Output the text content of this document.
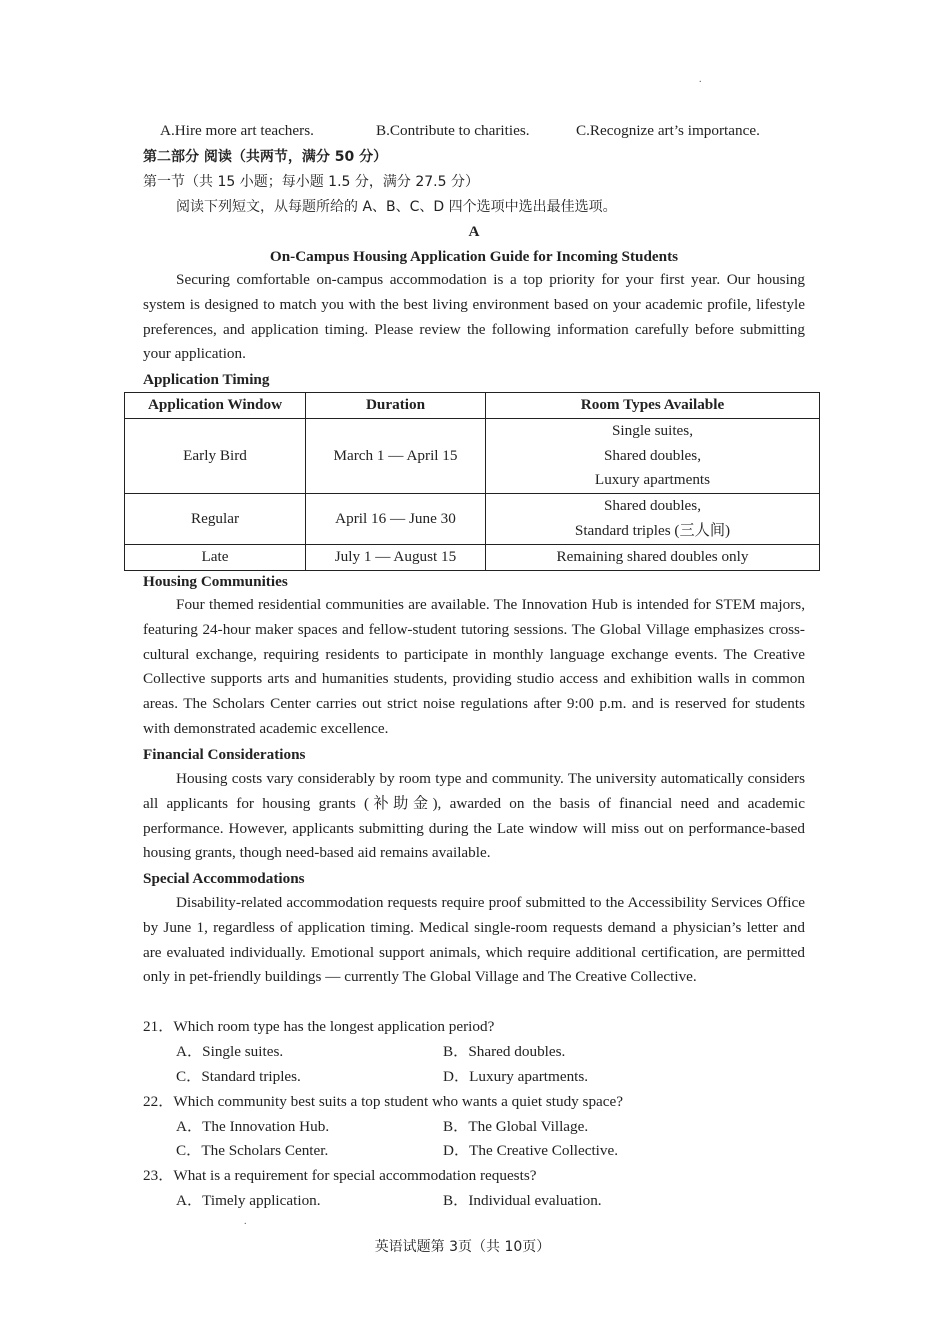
.
A.Hire more art teachers.	B.Contribute to charities.	C.Recognize art’s importance.
第二部分 阅读（共两节，满分 50 分）
第一节（共 15 小题；每小题 1.5 分，满分 27.5 分）
阅读下列短文，从每题所给的 A、B、C、D 四个选项中选出最佳选项。
A
On-Campus Housing Application Guide for Incoming Students
Securing comfortable on-campus accommodation is a top priority for your first year. Our housing system is designed to match you with the best living environment based on your academic profile, lifestyle preferences, and application timing. Please review the following information carefully before submitting your application.
Application Timing
Application Window	Duration	Room Types Available
Early Bird	March 1 — April 15	Single suites,
Shared doubles,
Luxury apartments

Regular	April 16 — June 30	Shared doubles,
Standard triples (三人间)

Late	July 1 — August 15	Remaining shared doubles only
Housing Communities
Four themed residential communities are available. The Innovation Hub is intended for STEM majors, featuring 24-hour maker spaces and fellow-student tutoring sessions. The Global Village emphasizes cross-cultural exchange, requiring residents to participate in monthly language exchange events. The Creative Collective supports arts and humanities students, providing studio access and exhibition walls in common areas. The Scholars Center carries out strict noise regulations after 9:00 p.m. and is reserved for students with demonstrated academic excellence.
Financial Considerations
Housing costs vary considerably by room type and community. The university automatically considers all applicants for housing grants (补助金), awarded on the basis of financial need and academic performance. However, applicants submitting during the Late window will miss out on performance-based housing grants, though need-based aid remains available.
Special Accommodations
Disability-related accommodation requests require proof submitted to the Accessibility Services Office by June 1, regardless of application timing. Medical single-room requests demand a physician’s letter and are evaluated individually. Emotional support animals, which require additional certification, are permitted only in pet-friendly buildings — currently The Global Village and The Creative Collective.
21．Which room type has the longest application period?
A．Single suites.	B．Shared doubles.
C．Standard triples.	D．Luxury apartments.
22．Which community best suits a top student who wants a quiet study space?
A．The Innovation Hub.	B．The Global Village.
C．The Scholars Center.	D．The Creative Collective.
23．What is a requirement for special accommodation requests?
A．Timely application.	B．Individual evaluation.
.
英语试题第 3页（共 10页）
